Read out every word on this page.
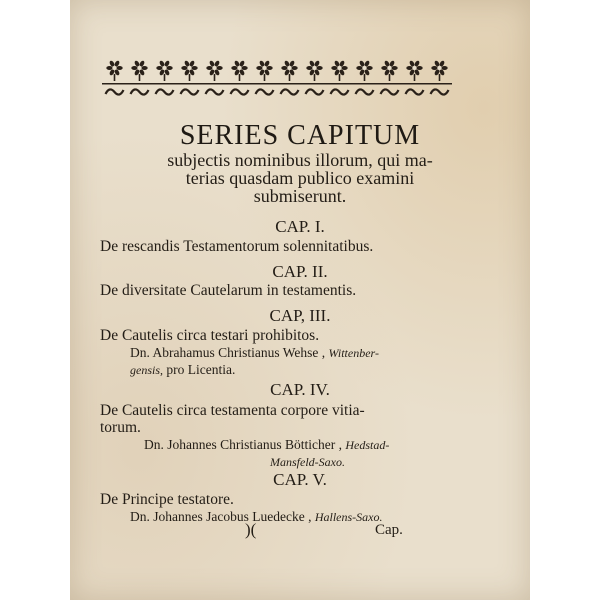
SERIES CAPITUM
subjectis nominibus illorum, qui ma-
terias quasdam publico examini
submiserunt.
CAP. I.
De rescandis Testamentorum solennitatibus.
CAP. II.
De diversitate Cautelarum in testamentis.
CAP, III.
De Cautelis circa testari prohibitos.
Dn. Abrahamus Christianus Wehse , Wittenber-
gensis, pro Licentia.
CAP. IV.
De Cautelis circa testamenta corpore vitia-
torum.
Dn. Johannes Christianus Bötticher , Hedstad-
Mansfeld-Saxo.
CAP. V.
De Principe testatore.
Dn. Johannes Jacobus Luedecke , Hallens-Saxo.
)(	Cap.
